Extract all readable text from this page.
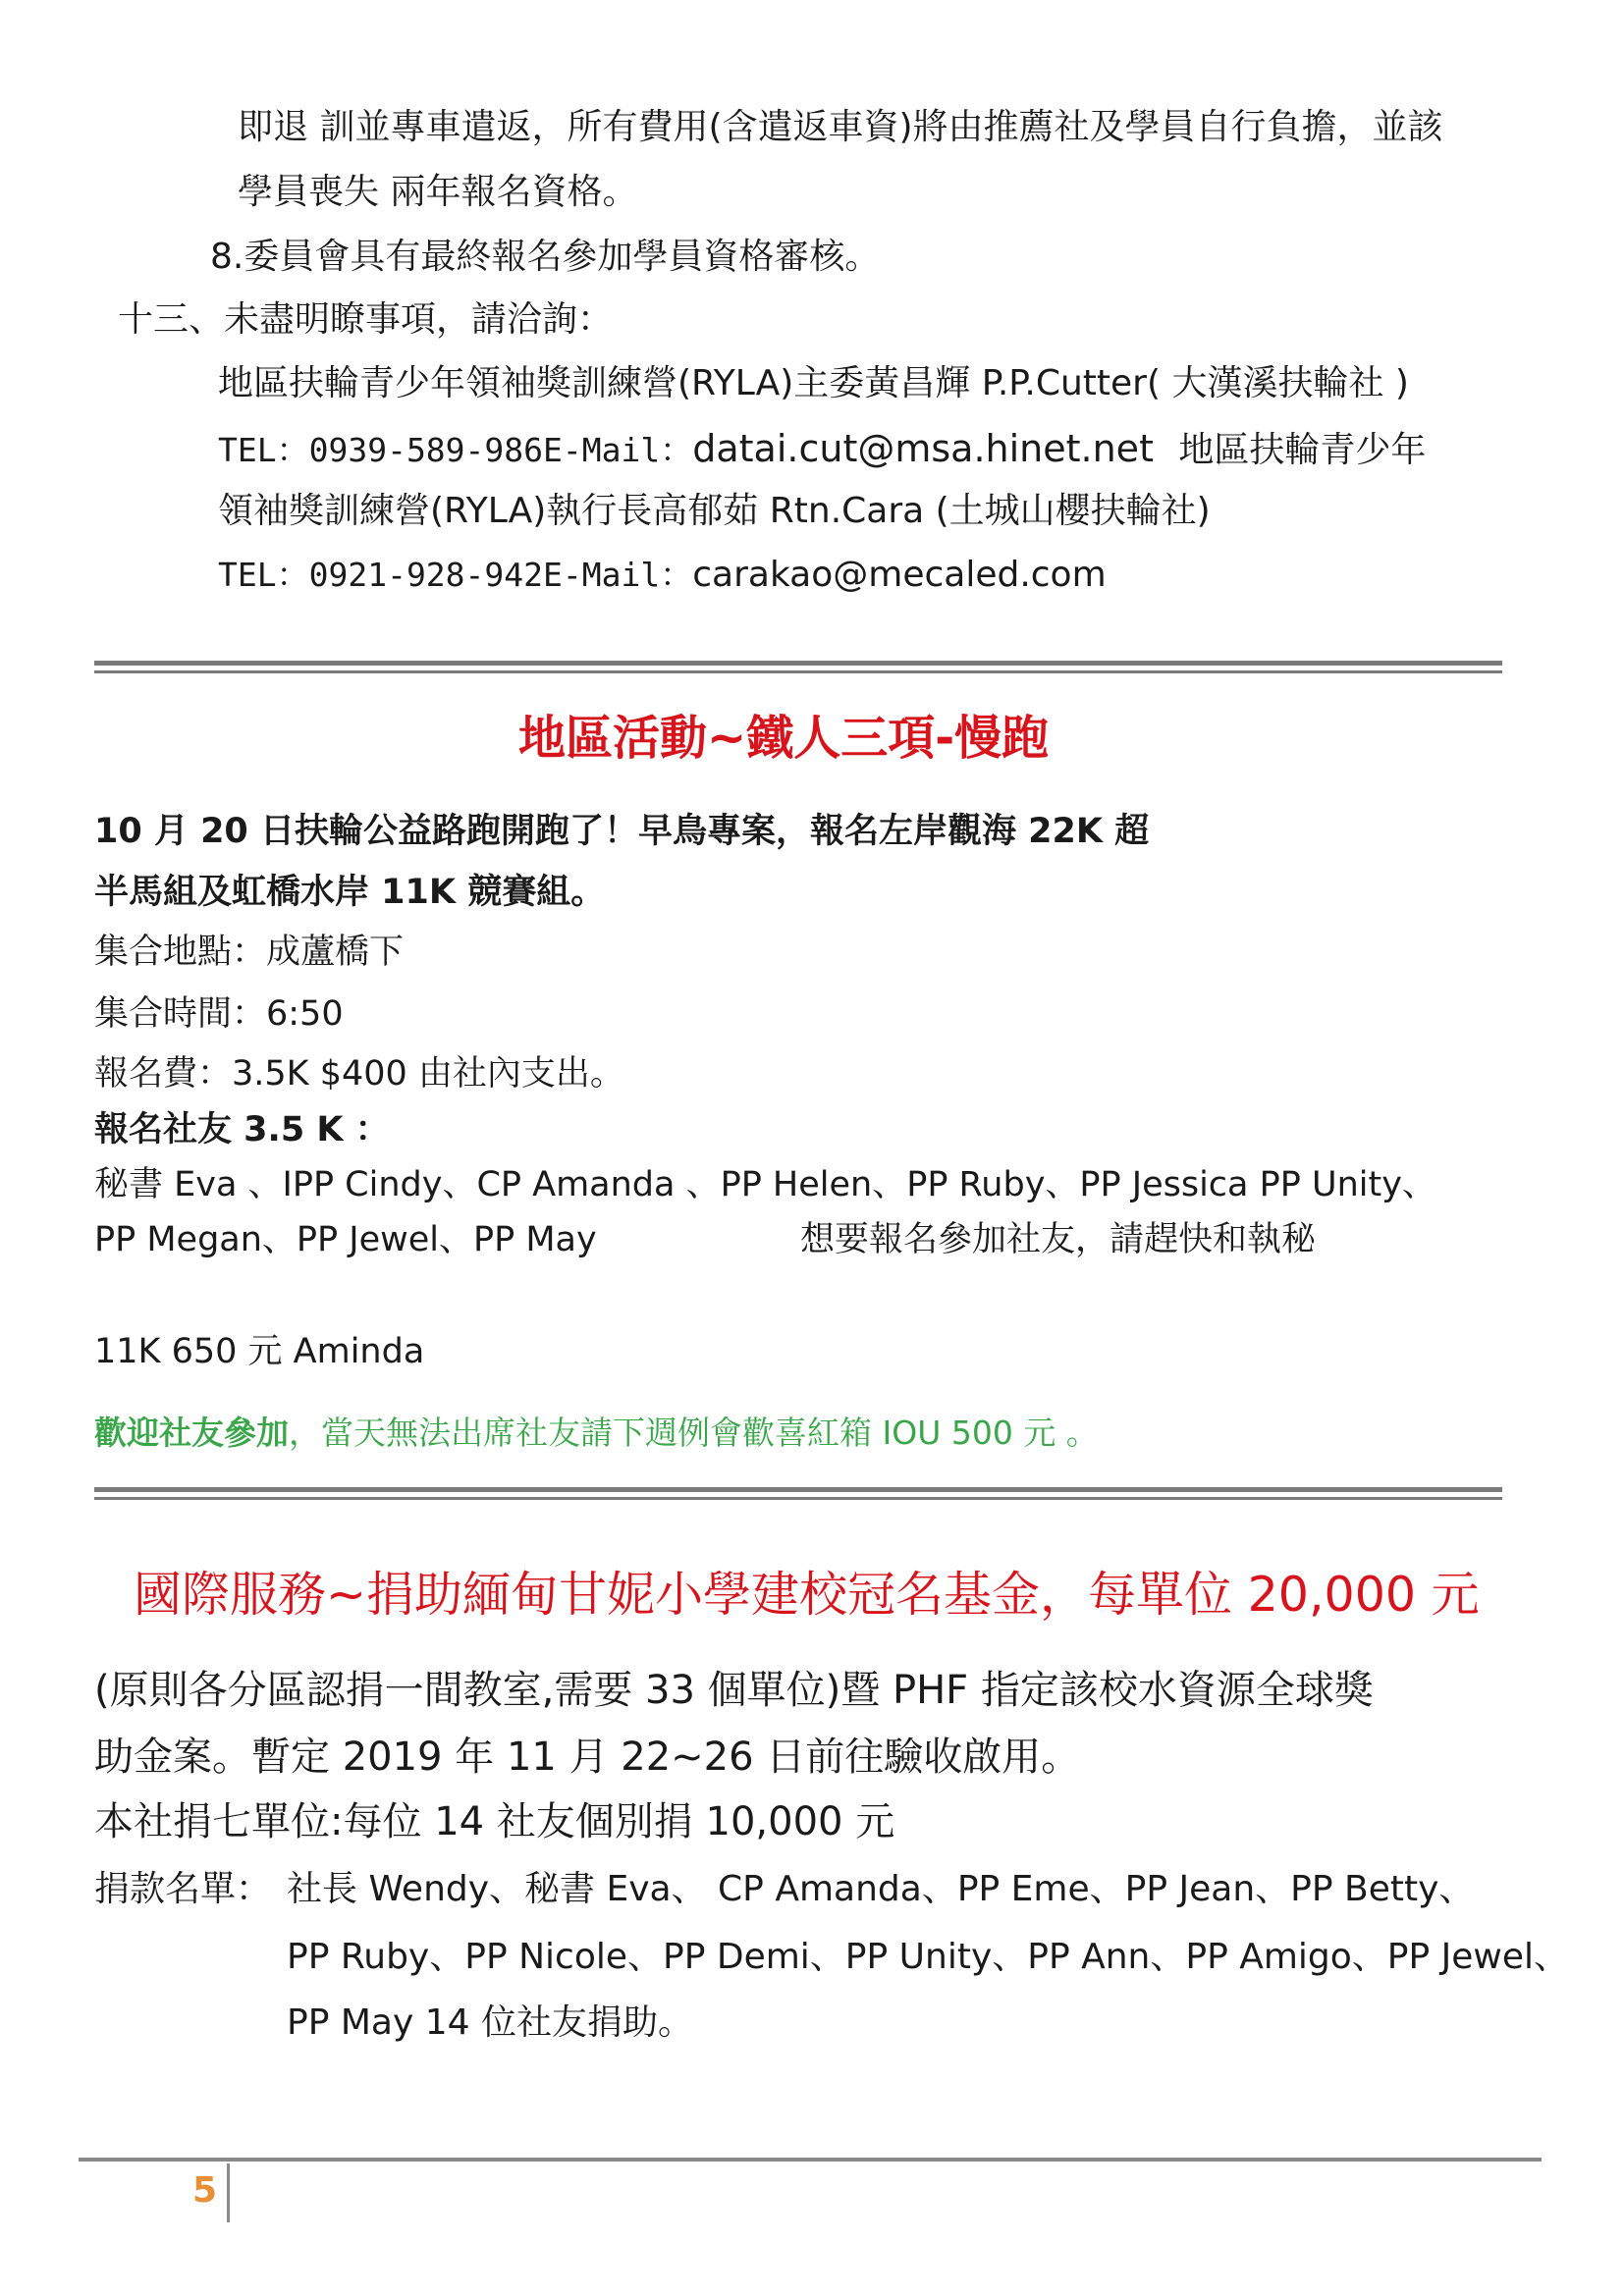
即退 訓並專車遣返，所有費用(含遣返車資)將由推薦社及學員自行負擔，並該
學員喪失 兩年報名資格。
8.委員會具有最終報名參加學員資格審核。
十三、未盡明瞭事項，請洽詢：
地區扶輪青少年領袖獎訓練營(RYLA)主委黃昌輝 P.P.Cutter( 大漢溪扶輪社 )
TEL：0939-589-986E-Mail：datai.cut@msa.hinet.net 地區扶輪青少年
領袖獎訓練營(RYLA)執行長高郁茹 Rtn.Cara (土城山櫻扶輪社)
TEL：0921-928-942E-Mail：carakao@mecaled.com
地區活動~鐵人三項-慢跑
10 月 20 日扶輪公益路跑開跑了！早鳥專案，報名左岸觀海 22K 超
半馬組及虹橋水岸 11K 競賽組。
集合地點：成蘆橋下
集合時間：6:50
報名費：3.5K $400 由社內支出。
報名社友 3.5 K ：
秘書 Eva 、IPP Cindy、CP Amanda 、PP Helen、PP Ruby、PP Jessica PP Unity、
PP Megan、PP Jewel、PP May	想要報名參加社友，請趕快和執秘
11K 650 元 Aminda
歡迎社友參加，當天無法出席社友請下週例會歡喜紅箱 IOU 500 元 。
國際服務~捐助緬甸甘妮小學建校冠名基金，每單位 20,000 元
(原則各分區認捐一間教室,需要 33 個單位)暨 PHF 指定該校水資源全球獎
助金案。暫定 2019 年 11 月 22~26 日前往驗收啟用。
本社捐七單位:每位 14 社友個別捐 10,000 元
捐款名單： 社長 Wendy、秘書 Eva、 CP Amanda、PP Eme、PP Jean、PP Betty、
PP Ruby、PP Nicole、PP Demi、PP Unity、PP Ann、PP Amigo、PP Jewel、
PP May 14 位社友捐助。
5
